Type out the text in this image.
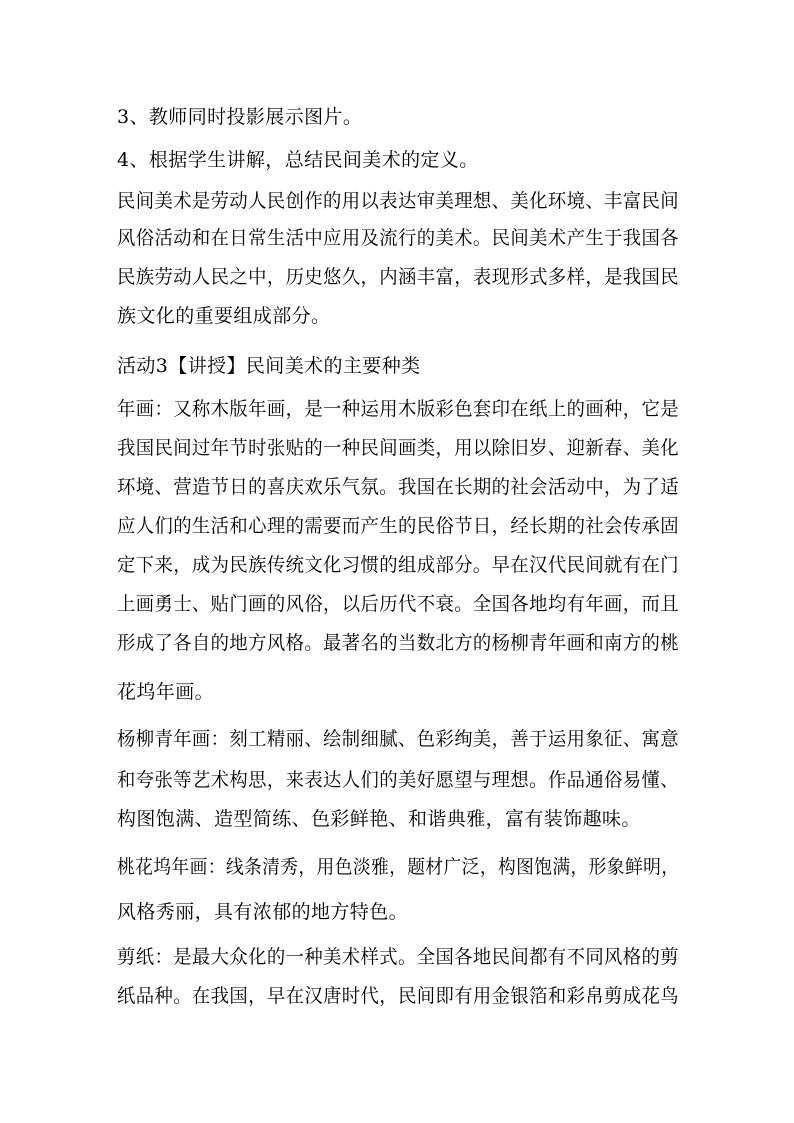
3、教师同时投影展示图片。
4、根据学生讲解，总结民间美术的定义。
民间美术是劳动人民创作的用以表达审美理想、美化环境、丰富民间
风俗活动和在日常生活中应用及流行的美术。民间美术产生于我国各
民族劳动人民之中，历史悠久，内涵丰富，表现形式多样，是我国民
族文化的重要组成部分。
活动3【讲授】民间美术的主要种类
年画：又称木版年画，是一种运用木版彩色套印在纸上的画种，它是
我国民间过年节时张贴的一种民间画类，用以除旧岁、迎新春、美化
环境、营造节日的喜庆欢乐气氛。我国在长期的社会活动中，为了适
应人们的生活和心理的需要而产生的民俗节日，经长期的社会传承固
定下来，成为民族传统文化习惯的组成部分。早在汉代民间就有在门
上画勇士、贴门画的风俗，以后历代不衰。全国各地均有年画，而且
形成了各自的地方风格。最著名的当数北方的杨柳青年画和南方的桃
花坞年画。
杨柳青年画：刻工精丽、绘制细腻、色彩绚美，善于运用象征、寓意
和夸张等艺术构思，来表达人们的美好愿望与理想。作品通俗易懂、
构图饱满、造型简练、色彩鲜艳、和谐典雅，富有装饰趣味。
桃花坞年画：线条清秀，用色淡雅，题材广泛，构图饱满，形象鲜明，
风格秀丽，具有浓郁的地方特色。
剪纸：是最大众化的一种美术样式。全国各地民间都有不同风格的剪
纸品种。在我国，早在汉唐时代，民间即有用金银箔和彩帛剪成花鸟
